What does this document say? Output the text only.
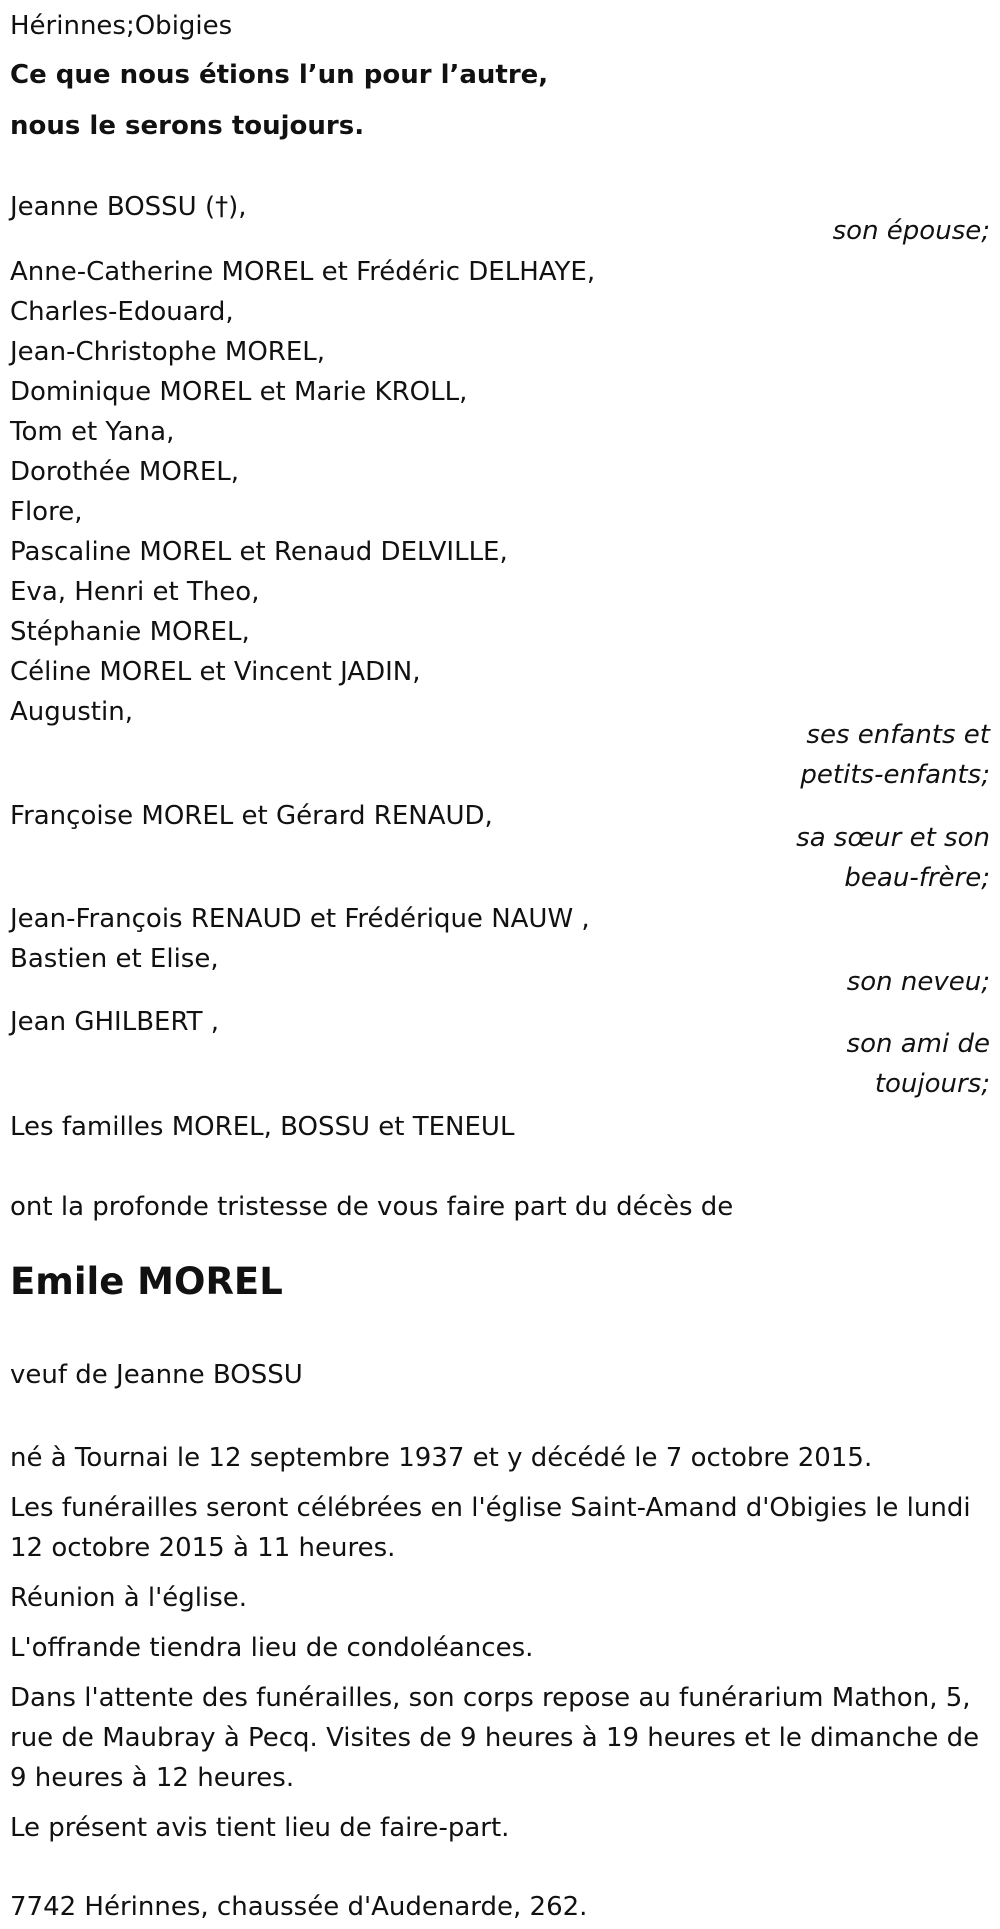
Hérinnes;Obigies
Ce que nous étions l’un pour l’autre,
nous le serons toujours.
Jeanne BOSSU (†),
son épouse;
Anne-Catherine MOREL et Frédéric DELHAYE,
Charles-Edouard,
Jean-Christophe MOREL,
Dominique MOREL et Marie KROLL,
Tom et Yana,
Dorothée MOREL,
Flore,
Pascaline MOREL et Renaud DELVILLE,
Eva, Henri et Theo,
Stéphanie MOREL,
Céline MOREL et Vincent JADIN,
Augustin,
ses enfants et
petits-enfants;
Françoise MOREL et Gérard RENAUD,
sa sœur et son
beau-frère;
Jean-François RENAUD et Frédérique NAUW ,
Bastien et Elise,
son neveu;
Jean GHILBERT ,
son ami de
toujours;
Les familles MOREL, BOSSU et TENEUL
ont la profonde tristesse de vous faire part du décès de
Emile MOREL
veuf de Jeanne BOSSU
né à Tournai le 12 septembre 1937 et y décédé le 7 octobre 2015.
Les funérailles seront célébrées en l'église Saint-Amand d'Obigies le lundi 12 octobre 2015 à 11 heures.
Réunion à l'église.
L'offrande tiendra lieu de condoléances.
Dans l'attente des funérailles, son corps repose au funérarium Mathon, 5, rue de Maubray à Pecq. Visites de 9 heures à 19 heures et le dimanche de 9 heures à 12 heures.
Le présent avis tient lieu de faire-part.
7742 Hérinnes, chaussée d'Audenarde, 262.
